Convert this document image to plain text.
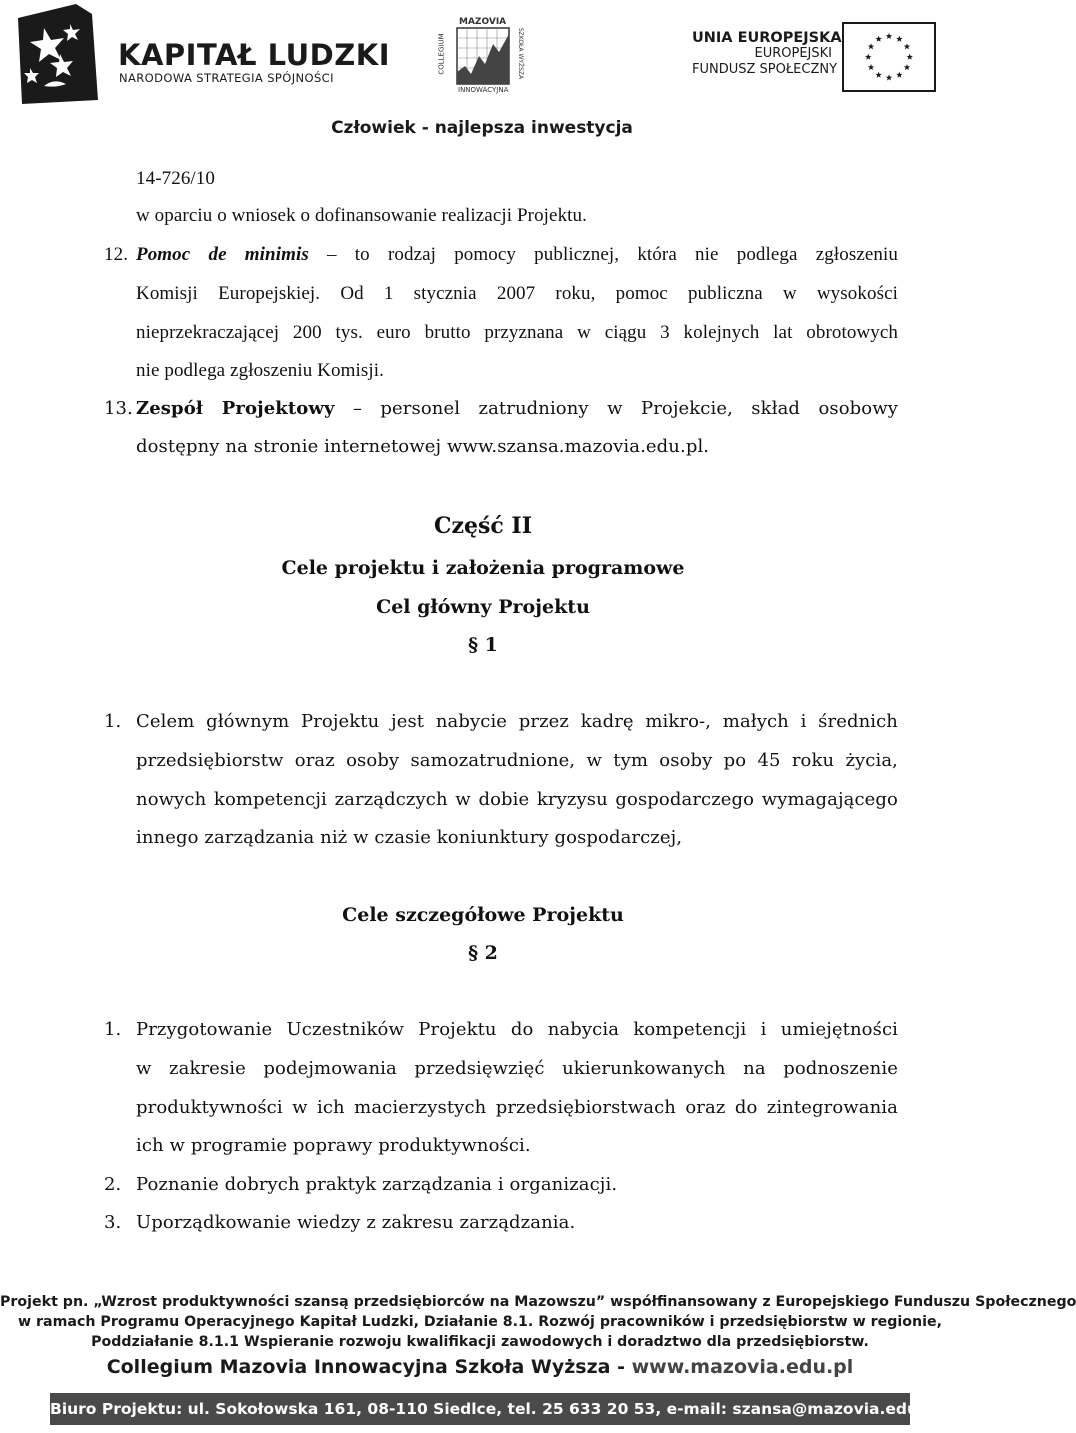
KAPITAŁ LUDZKI
NARODOWA STRATEGIA SPÓJNOŚCI
MAZOVIA
COLLEGIUM	SZKOŁA WYŻSZA
INNOWACYJNA
UNIA EUROPEJSKA
EUROPEJSKI
FUNDUSZ SPOŁECZNY
Człowiek - najlepsza inwestycja
14-726/10
w oparciu o wniosek o dofinansowanie realizacji Projektu.
12. Pomoc de minimis – to rodzaj pomocy publicznej, która nie podlega zgłoszeniu
Komisji Europejskiej. Od 1 stycznia 2007 roku, pomoc publiczna w wysokości
nieprzekraczającej 200 tys. euro brutto przyznana w ciągu 3 kolejnych lat obrotowych
nie podlega zgłoszeniu Komisji.
13. Zespół Projektowy – personel zatrudniony w Projekcie, skład osobowy
dostępny na stronie internetowej www.szansa.mazovia.edu.pl.
Część II
Cele projektu i założenia programowe
Cel główny Projektu
§ 1
1. Celem głównym Projektu jest nabycie przez kadrę mikro-, małych i średnich
przedsiębiorstw oraz osoby samozatrudnione, w tym osoby po 45 roku życia,
nowych kompetencji zarządczych w dobie kryzysu gospodarczego wymagającego
innego zarządzania niż w czasie koniunktury gospodarczej,
Cele szczegółowe Projektu
§ 2
1. Przygotowanie Uczestników Projektu do nabycia kompetencji i umiejętności
w zakresie podejmowania przedsięwzięć ukierunkowanych na podnoszenie
produktywności w ich macierzystych przedsiębiorstwach oraz do zintegrowania
ich w programie poprawy produktywności.
2. Poznanie dobrych praktyk zarządzania i organizacji.
3. Uporządkowanie wiedzy z zakresu zarządzania.
Projekt pn. „Wzrost produktywności szansą przedsiębiorców na Mazowszu” współfinansowany z Europejskiego Funduszu Społecznego
w ramach Programu Operacyjnego Kapitał Ludzki, Działanie 8.1. Rozwój pracowników i przedsiębiorstw w regionie,
Poddziałanie 8.1.1 Wspieranie rozwoju kwalifikacji zawodowych i doradztwo dla przedsiębiorstw.
Collegium Mazovia Innowacyjna Szkoła Wyższa - www.mazovia.edu.pl
Biuro Projektu: ul. Sokołowska 161, 08-110 Siedlce, tel. 25 633 20 53, e-mail: szansa@mazovia.edu.pl
